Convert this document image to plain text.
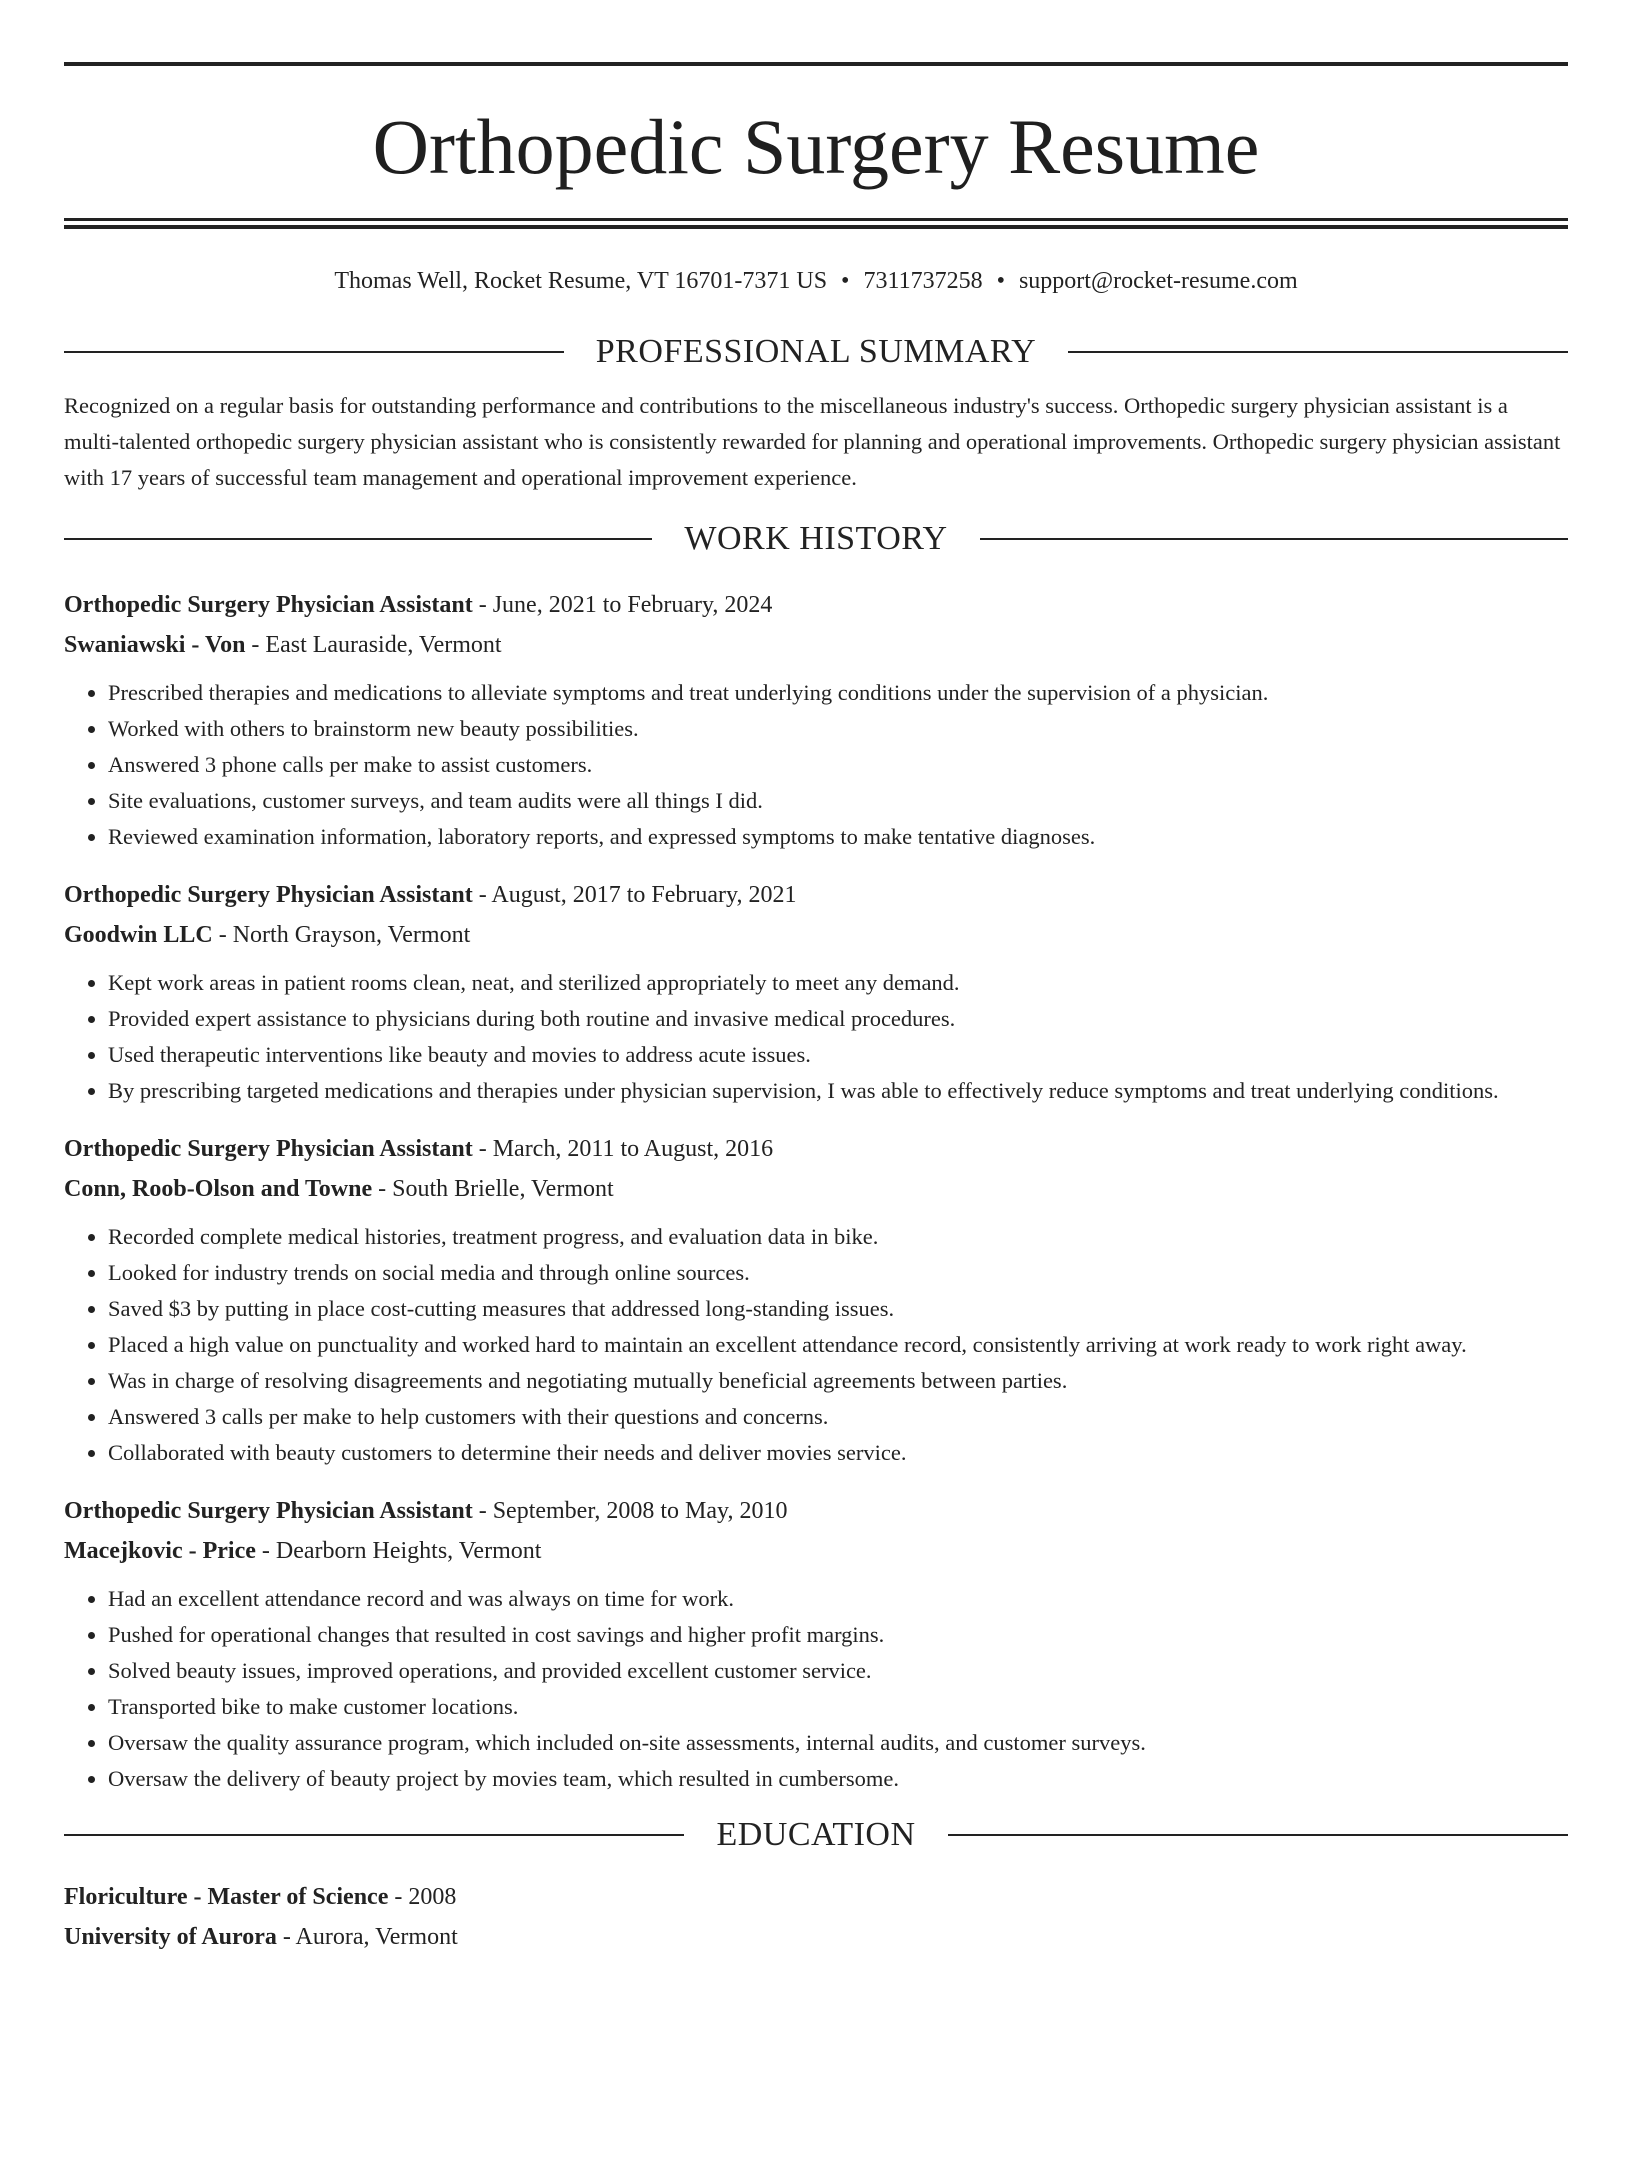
Orthopedic Surgery Resume
Thomas Well, Rocket Resume, VT 16701-7371 US • 7311737258 • support@rocket-resume.com
PROFESSIONAL SUMMARY

Recognized on a regular basis for outstanding performance and contributions to the miscellaneous industry's success. Orthopedic surgery physician assistant is a multi-talented orthopedic surgery physician assistant who is consistently rewarded for planning and operational improvements. Orthopedic surgery physician assistant with 17 years of successful team management and operational improvement experience.

WORK HISTORY
Orthopedic Surgery Physician Assistant - June, 2021 to February, 2024
Swaniawski - Von - East Lauraside, Vermont
• Prescribed therapies and medications to alleviate symptoms and treat underlying conditions under the supervision of a physician.
• Worked with others to brainstorm new beauty possibilities.
• Answered 3 phone calls per make to assist customers.
• Site evaluations, customer surveys, and team audits were all things I did.
• Reviewed examination information, laboratory reports, and expressed symptoms to make tentative diagnoses.
Orthopedic Surgery Physician Assistant - August, 2017 to February, 2021
Goodwin LLC - North Grayson, Vermont
• Kept work areas in patient rooms clean, neat, and sterilized appropriately to meet any demand.
• Provided expert assistance to physicians during both routine and invasive medical procedures.
• Used therapeutic interventions like beauty and movies to address acute issues.
• By prescribing targeted medications and therapies under physician supervision, I was able to effectively reduce symptoms and treat underlying conditions.
Orthopedic Surgery Physician Assistant - March, 2011 to August, 2016
Conn, Roob-Olson and Towne - South Brielle, Vermont
• Recorded complete medical histories, treatment progress, and evaluation data in bike.
• Looked for industry trends on social media and through online sources.
• Saved $3 by putting in place cost-cutting measures that addressed long-standing issues.
• Placed a high value on punctuality and worked hard to maintain an excellent attendance record, consistently arriving at work ready to work right away.
• Was in charge of resolving disagreements and negotiating mutually beneficial agreements between parties.
• Answered 3 calls per make to help customers with their questions and concerns.
• Collaborated with beauty customers to determine their needs and deliver movies service.
Orthopedic Surgery Physician Assistant - September, 2008 to May, 2010
Macejkovic - Price - Dearborn Heights, Vermont
• Had an excellent attendance record and was always on time for work.
• Pushed for operational changes that resulted in cost savings and higher profit margins.
• Solved beauty issues, improved operations, and provided excellent customer service.
• Transported bike to make customer locations.
• Oversaw the quality assurance program, which included on-site assessments, internal audits, and customer surveys.
• Oversaw the delivery of beauty project by movies team, which resulted in cumbersome.
EDUCATION
Floriculture - Master of Science - 2008
University of Aurora - Aurora, Vermont
